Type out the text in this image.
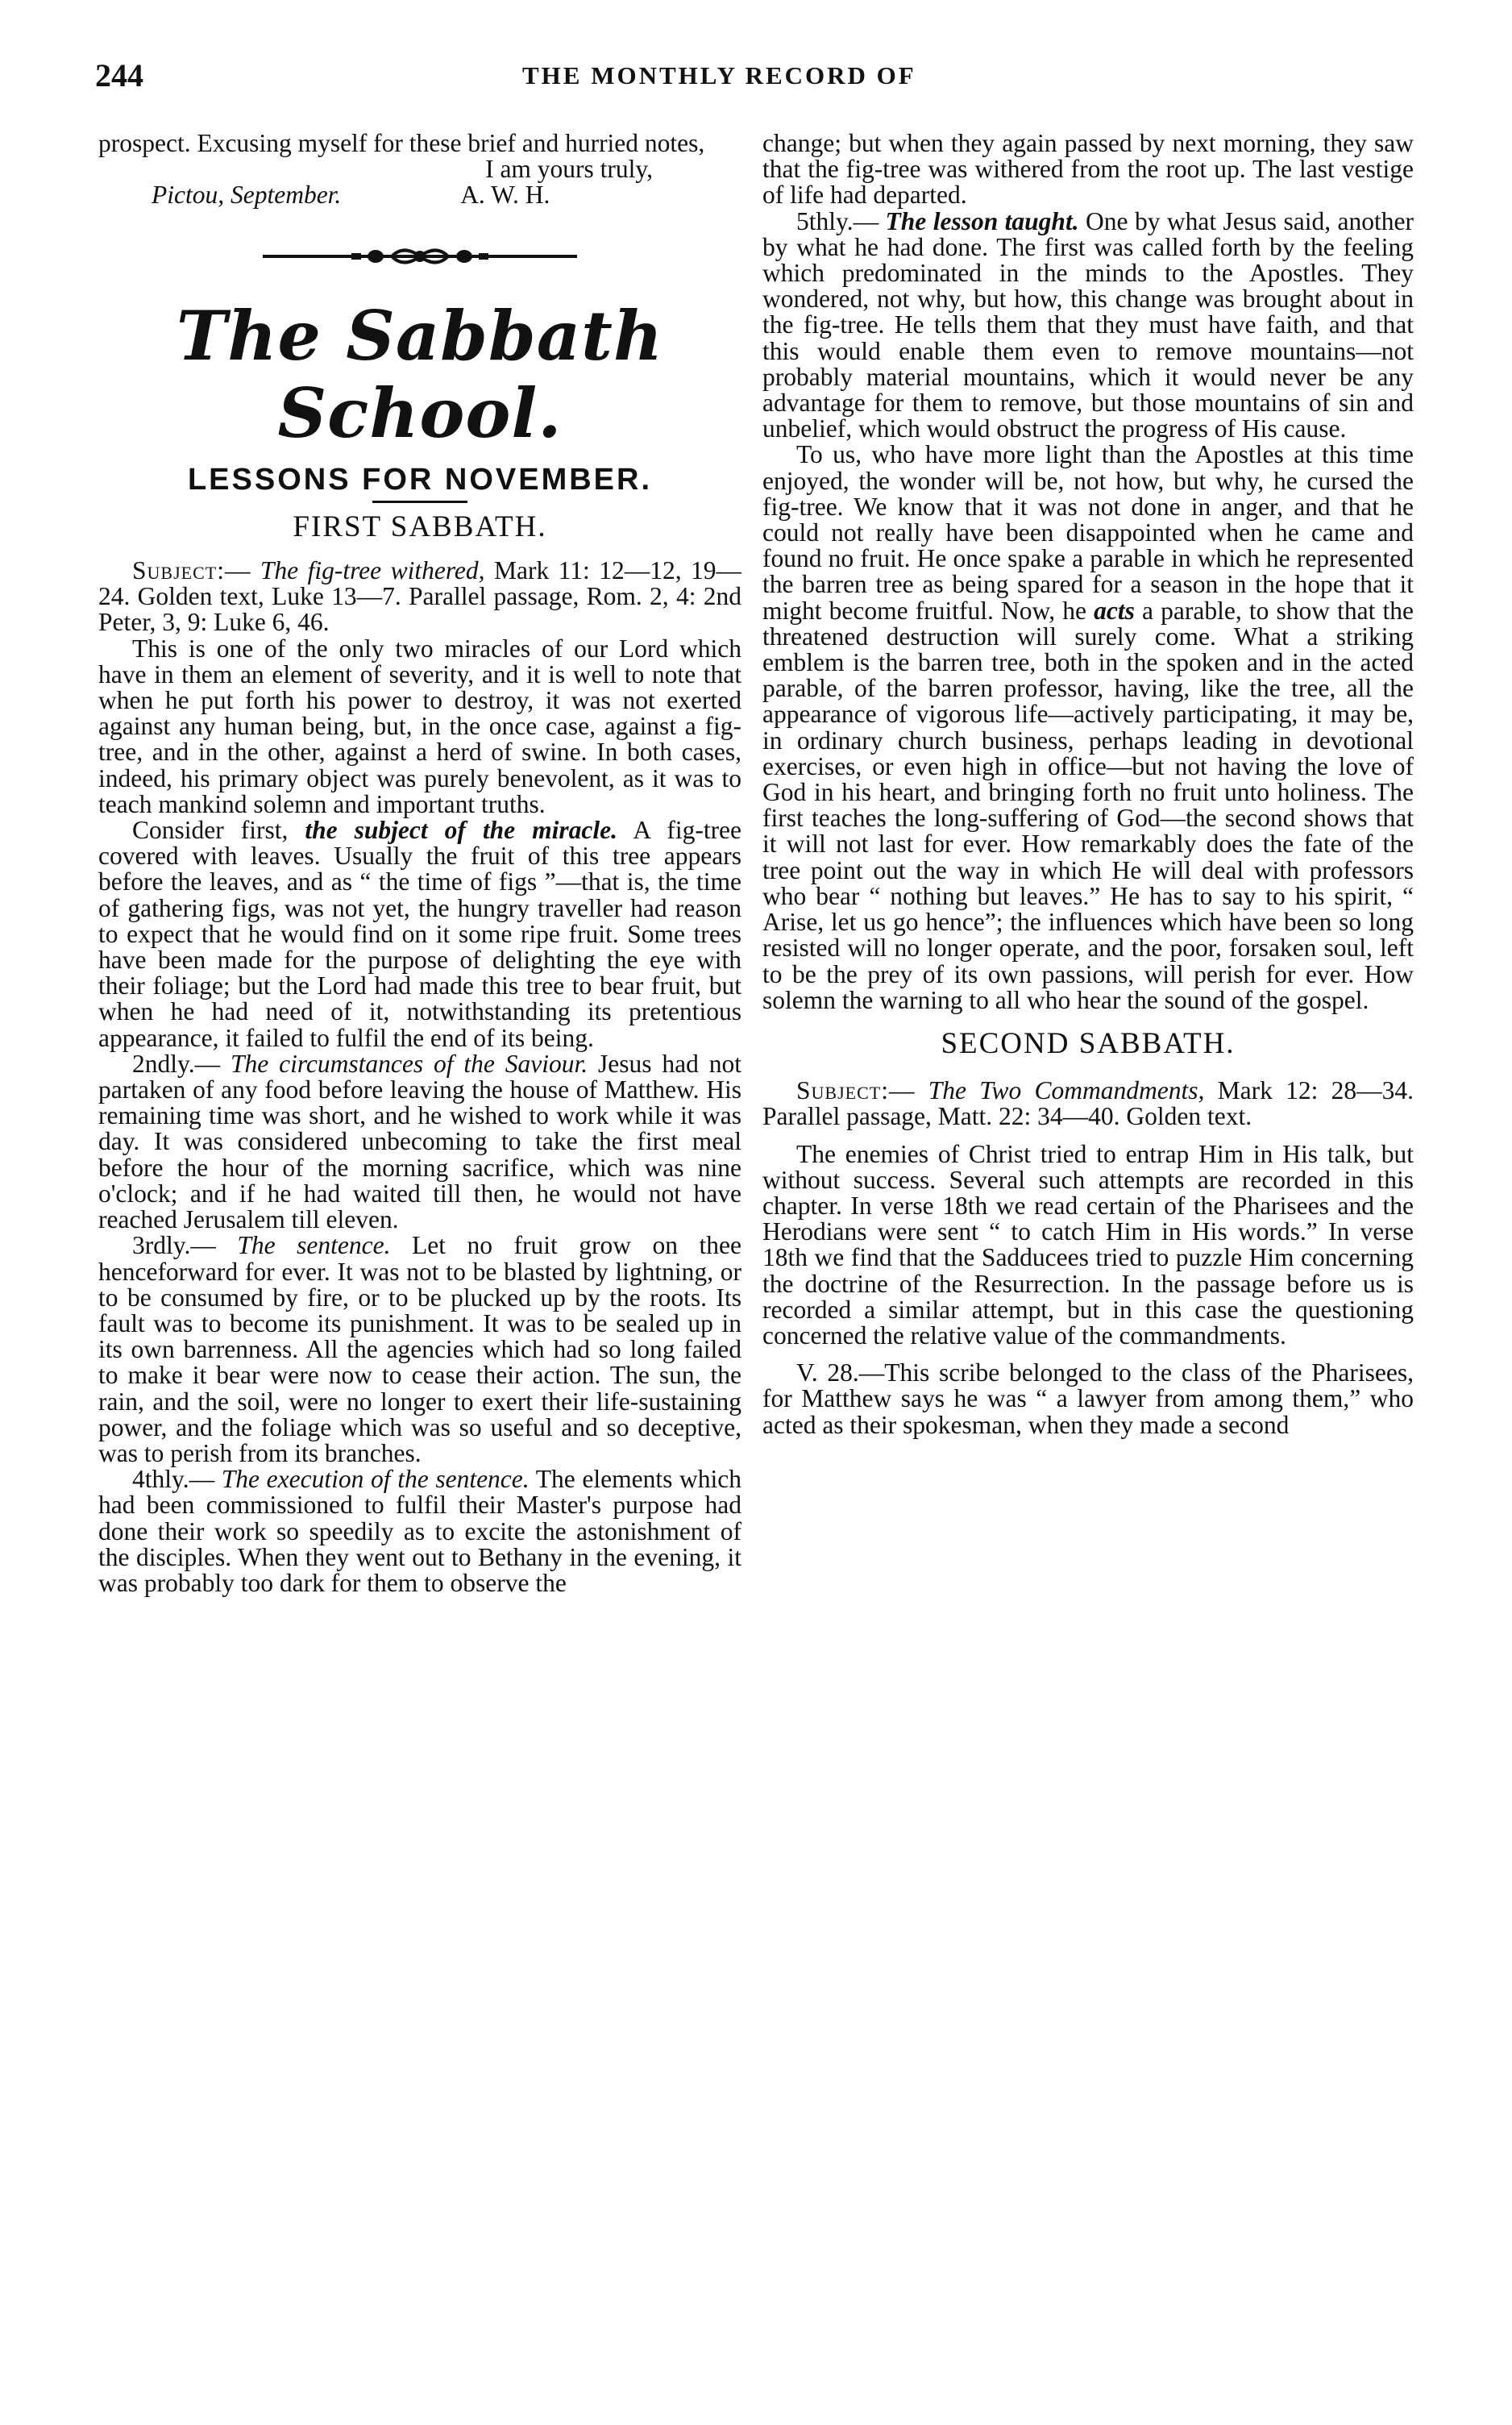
244	THE MONTHLY RECORD OF

prospect. Excusing myself for these brief and hurried notes,

I am yours truly,

Pictou, September.	A. W. H.

The Sabbath School.
LESSONS FOR NOVEMBER.
FIRST SABBATH.

Subject:— The fig-tree withered, Mark 11: 12—12, 19—24. Golden text, Luke 13—7. Parallel passage, Rom. 2, 4: 2nd Peter, 3, 9: Luke 6, 46.

This is one of the only two miracles of our Lord which have in them an element of severity, and it is well to note that when he put forth his power to destroy, it was not exerted against any human being, but, in the once case, against a fig-tree, and in the other, against a herd of swine. In both cases, indeed, his primary object was purely benevolent, as it was to teach mankind solemn and important truths.

Consider first, the subject of the miracle. A fig-tree covered with leaves. Usually the fruit of this tree appears before the leaves, and as “ the time of figs ”—that is, the time of gathering figs, was not yet, the hungry traveller had reason to expect that he would find on it some ripe fruit. Some trees have been made for the purpose of delighting the eye with their foliage; but the Lord had made this tree to bear fruit, but when he had need of it, notwithstanding its pretentious appearance, it failed to fulfil the end of its being.

2ndly.— The circumstances of the Saviour. Jesus had not partaken of any food before leaving the house of Matthew. His remaining time was short, and he wished to work while it was day. It was considered unbecoming to take the first meal before the hour of the morning sacrifice, which was nine o'clock; and if he had waited till then, he would not have reached Jerusalem till eleven.

3rdly.— The sentence. Let no fruit grow on thee henceforward for ever. It was not to be blasted by lightning, or to be consumed by fire, or to be plucked up by the roots. Its fault was to become its punishment. It was to be sealed up in its own barrenness. All the agencies which had so long failed to make it bear were now to cease their action. The sun, the rain, and the soil, were no longer to exert their life-sustaining power, and the foliage which was so useful and so deceptive, was to perish from its branches.

4thly.— The execution of the sentence. The elements which had been commissioned to fulfil their Master's purpose had done their work so speedily as to excite the astonishment of the disciples. When they went out to Bethany in the evening, it was probably too dark for them to observe the

change; but when they again passed by next morning, they saw that the fig-tree was withered from the root up. The last vestige of life had departed.

5thly.— The lesson taught. One by what Jesus said, another by what he had done. The first was called forth by the feeling which predominated in the minds to the Apostles. They wondered, not why, but how, this change was brought about in the fig-tree. He tells them that they must have faith, and that this would enable them even to remove mountains—not probably material mountains, which it would never be any advantage for them to remove, but those mountains of sin and unbelief, which would obstruct the progress of His cause.

To us, who have more light than the Apostles at this time enjoyed, the wonder will be, not how, but why, he cursed the fig-tree. We know that it was not done in anger, and that he could not really have been disappointed when he came and found no fruit. He once spake a parable in which he represented the barren tree as being spared for a season in the hope that it might become fruitful. Now, he acts a parable, to show that the threatened destruction will surely come. What a striking emblem is the barren tree, both in the spoken and in the acted parable, of the barren professor, having, like the tree, all the appearance of vigorous life—actively participating, it may be, in ordinary church business, perhaps leading in devotional exercises, or even high in office—but not having the love of God in his heart, and bringing forth no fruit unto holiness. The first teaches the long-suffering of God—the second shows that it will not last for ever. How remarkably does the fate of the tree point out the way in which He will deal with professors who bear “ nothing but leaves.” He has to say to his spirit, “ Arise, let us go hence”; the influences which have been so long resisted will no longer operate, and the poor, forsaken soul, left to be the prey of its own passions, will perish for ever. How solemn the warning to all who hear the sound of the gospel.

SECOND SABBATH.

Subject:— The Two Commandments, Mark 12: 28—34. Parallel passage, Matt. 22: 34—40. Golden text.

The enemies of Christ tried to entrap Him in His talk, but without success. Several such attempts are recorded in this chapter. In verse 18th we read certain of the Pharisees and the Herodians were sent “ to catch Him in His words.” In verse 18th we find that the Sadducees tried to puzzle Him concerning the doctrine of the Resurrection. In the passage before us is recorded a similar attempt, but in this case the questioning concerned the relative value of the commandments.

V. 28.—This scribe belonged to the class of the Pharisees, for Matthew says he was “ a lawyer from among them,” who acted as their spokesman, when they made a second
